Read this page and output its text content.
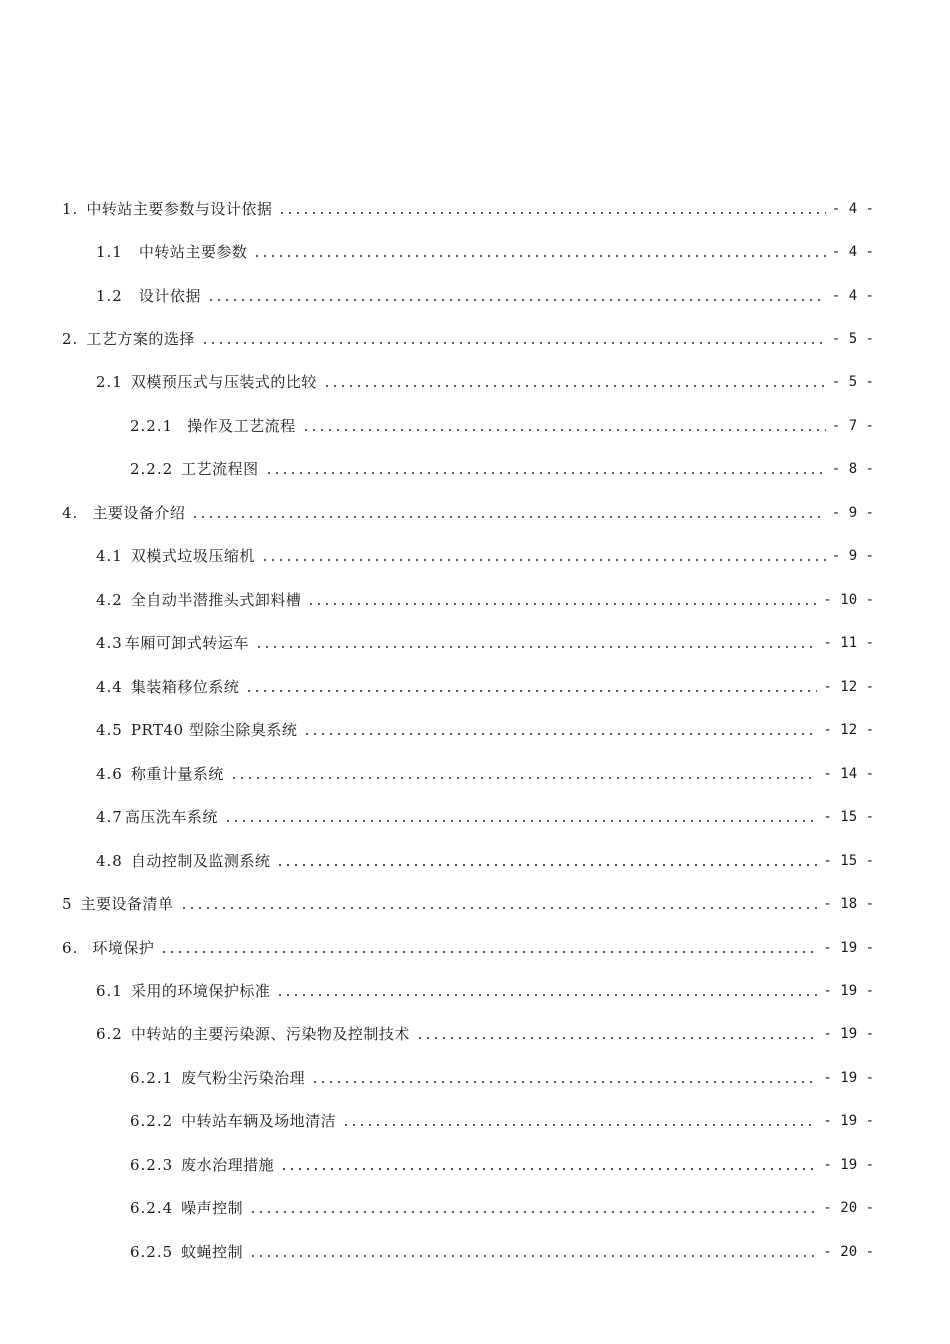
1. 中转站主要参数与设计依据	- 4 -
1.1 中转站主要参数	- 4 -
1.2 设计依据	- 4 -
2. 工艺方案的选择	- 5 -
2.1 双模预压式与压装式的比较	- 5 -
2.2.1 操作及工艺流程	- 7 -
2.2.2 工艺流程图	- 8 -
4. 主要设备介绍	- 9 -
4.1 双模式垃圾压缩机	- 9 -
4.2 全自动半潜推头式卸料槽	- 10 -
4.3 车厢可卸式转运车	- 11 -
4.4 集装箱移位系统	- 12 -
4.5 PRT40 型除尘除臭系统	- 12 -
4.6 称重计量系统	- 14 -
4.7 高压洗车系统	- 15 -
4.8 自动控制及监测系统	- 15 -
5 主要设备清单	- 18 -
6. 环境保护	- 19 -
6.1 采用的环境保护标准	- 19 -
6.2 中转站的主要污染源、污染物及控制技术	- 19 -
6.2.1 废气粉尘污染治理	- 19 -
6.2.2 中转站车辆及场地清洁	- 19 -
6.2.3 废水治理措施	- 19 -
6.2.4 噪声控制	- 20 -
6.2.5 蚊蝇控制	- 20 -
